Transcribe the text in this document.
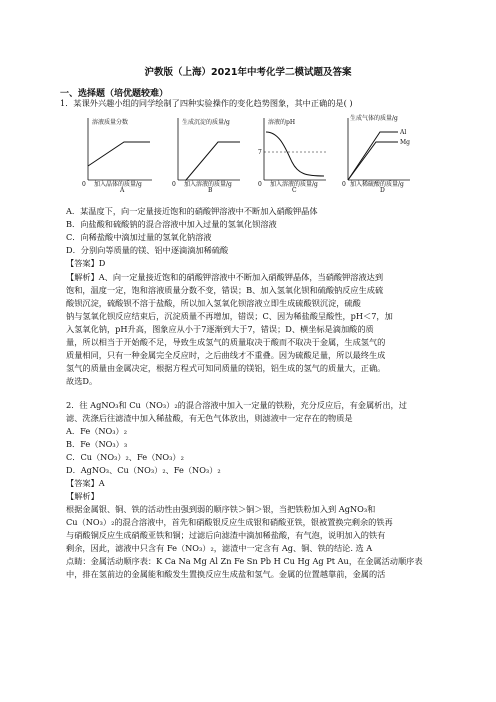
沪教版（上海）2021年中考化学二模试题及答案
一、选择题（培优题较难）
1．某课外兴趣小组的同学绘制了四种实验操作的变化趋势图象，其中正确的是( )
溶液质量分数
0 加入晶体的质量/g
A
生成沉淀的质量/g
0 加入溶液的质量/g
B
溶液的pH
7
0 加入溶液的质量/g
C
生成气体的质量/g
Al
Mg
0 加入稀硫酸的质量/g
D
A．某温度下，向一定量接近饱和的硝酸钾溶液中不断加入硝酸钾晶体
B．向盐酸和硫酸钠的混合溶液中加入过量的氢氧化钡溶液
C．向稀盐酸中滴加过量的氢氧化钠溶液
D．分别向等质量的镁、铝中逐滴滴加稀硫酸
【答案】D
【解析】A、向一定量接近饱和的硝酸钾溶液中不断加入硝酸钾晶体，当硝酸钾溶液达到
饱和，温度一定，饱和溶液质量分数不变，错误；B、加入氢氧化钡和硫酸钠反应生成硫
酸钡沉淀，硫酸钡不溶于盐酸，所以加入氢氧化钡溶液立即生成硫酸钡沉淀，硫酸
钠与氢氧化钡反应结束后，沉淀质量不再增加，错误；C、因为稀盐酸呈酸性，pH＜7，加
入氢氧化钠，pH升高，图象应从小于7逐渐到大于7，错误；D、横坐标是滴加酸的质
量，所以相当于开始酸不足，导致生成氢气的质量取决于酸而不取决于金属，生成氢气的
质量相同，只有一种金属完全反应时，之后曲线才不重叠。因为硫酸足量，所以最终生成
氢气的质量由金属决定，根据方程式可知同质量的镁铝，铝生成的氢气的质量大，正确。
故选D。
2．往 AgNO₃和 Cu（NO₃）₂的混合溶液中加入一定量的铁粉，充分反应后，有金属析出，过
滤、洗涤后往滤渣中加入稀盐酸，有无色气体放出，则滤液中一定存在的物质是
A．Fe（NO₃）₂
B．Fe（NO₃）₃
C．Cu（NO₃）₂、Fe（NO₃）₂
D．AgNO₃、Cu（NO₃）₂、Fe（NO₃）₂
【答案】A
【解析】
根据金属银、铜、铁的活动性由强到弱的顺序铁＞铜＞银，当把铁粉加入到 AgNO₃和
Cu（NO₃）₂的混合溶液中，首先和硝酸银反应生成银和硝酸亚铁，银被置换完剩余的铁再
与硝酸铜反应生成硝酸亚铁和铜；过滤后向滤渣中滴加稀盐酸，有气泡，说明加入的铁有
剩余，因此，滤液中只含有 Fe（NO₃）₂，滤渣中一定含有 Ag、铜、铁的结论. 选 A
点睛：金属活动顺序表：K Ca Na Mg Al Zn Fe Sn Pb H Cu Hg Ag Pt Au，在金属活动顺序表
中，排在氢前边的金属能和酸发生置换反应生成盐和氢气。金属的位置越靠前，金属的活
